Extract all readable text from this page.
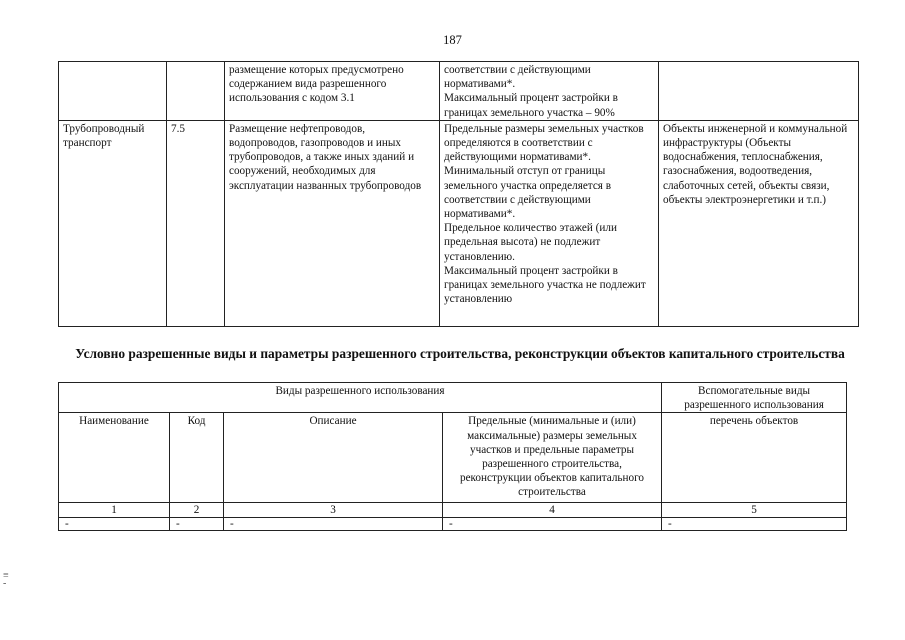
187
		размещение которых предусмотрено содержанием вида разрешенного использования с кодом 3.1	соответствии с действующими нормативами*.
Максимальный процент застройки в границах земельного участка – 90%	
Трубопроводный транспорт	7.5	Размещение нефтепроводов, водопроводов, газопроводов и иных трубопроводов, а также иных зданий и сооружений, необходимых для эксплуатации названных трубопроводов	Предельные размеры земельных участков определяются в соответствии с действующими нормативами*.
Минимальный отступ от границы земельного участка определяется в соответствии с действующими нормативами*.
Предельное количество этажей (или предельная высота) не подлежит установлению.
Максимальный процент застройки в границах земельного участка не подлежит установлению	Объекты инженерной и коммунальной инфраструктуры (Объекты водоснабжения, теплоснабжения, газоснабжения, водоотведения, слаботочных сетей, объекты связи, объекты электроэнергетики и т.п.)
Условно разрешенные виды и параметры разрешенного строительства, реконструкции объектов капитального строительства
Виды разрешенного использования				Вспомогательные виды разрешенного использования
Наименование	Код	Описание	Предельные (минимальные и (или) максимальные) размеры земельных участков и предельные параметры разрешенного строительства, реконструкции объектов капитального строительства	перечень объектов
1	2	3	4	5
-	-	-	-	-
≡
-
